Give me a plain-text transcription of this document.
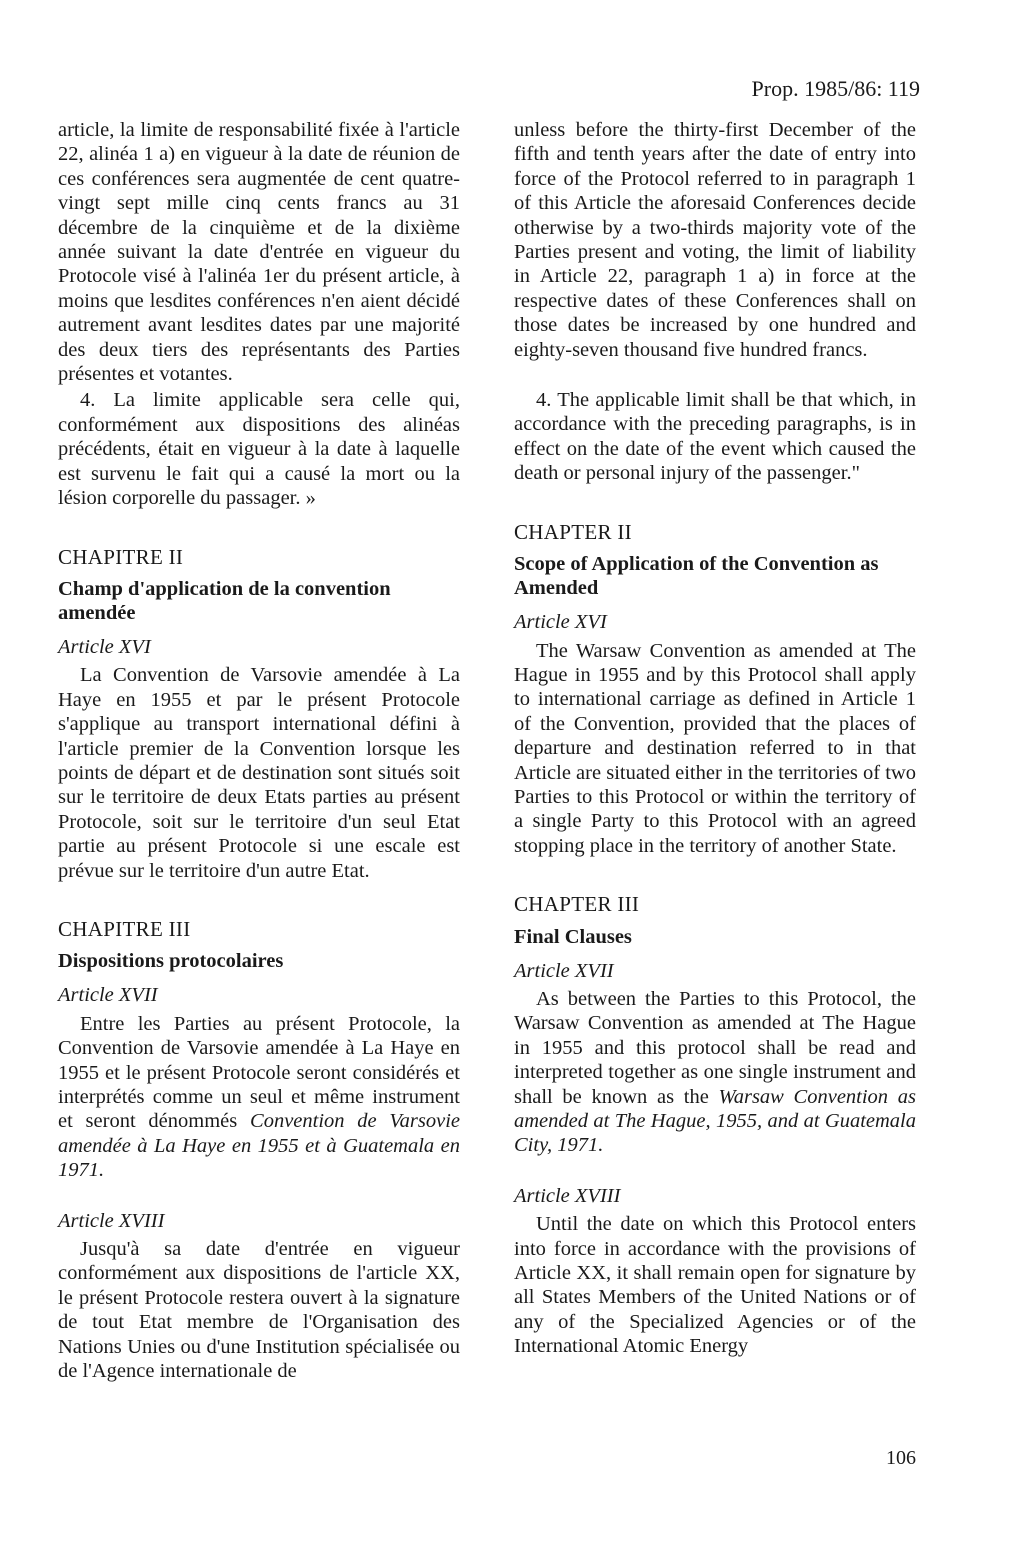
Prop. 1985/86: 119

article, la limite de responsabilité fixée à l'article 22, alinéa 1 a) en vigueur à la date de réunion de ces conférences sera augmentée de cent quatre-vingt sept mille cinq cents francs au 31 décembre de la cinquième et de la dixième année suivant la date d'entrée en vigueur du Protocole visé à l'alinéa 1er du présent article, à moins que lesdites conférences n'en aient décidé autrement avant lesdites dates par une majorité des deux tiers des représentants des Parties présentes et votantes.

4. La limite applicable sera celle qui, conformément aux dispositions des alinéas précédents, était en vigueur à la date à laquelle est survenu le fait qui a causé la mort ou la lésion corporelle du passager. »

CHAPITRE II

Champ d'application de la convention amendée

Article XVI

La Convention de Varsovie amendée à La Haye en 1955 et par le présent Protocole s'applique au transport international défini à l'article premier de la Convention lorsque les points de départ et de destination sont situés soit sur le territoire de deux Etats parties au présent Protocole, soit sur le territoire d'un seul Etat partie au présent Protocole si une escale est prévue sur le territoire d'un autre Etat.

CHAPITRE III

Dispositions protocolaires

Article XVII

Entre les Parties au présent Protocole, la Convention de Varsovie amendée à La Haye en 1955 et le présent Protocole seront considérés et interprétés comme un seul et même instrument et seront dénommés Convention de Varsovie amendée à La Haye en 1955 et à Guatemala en 1971.

Article XVIII

Jusqu'à sa date d'entrée en vigueur conformément aux dispositions de l'article XX, le présent Protocole restera ouvert à la signature de tout Etat membre de l'Organisation des Nations Unies ou d'une Institution spécialisée ou de l'Agence internationale de

unless before the thirty-first December of the fifth and tenth years after the date of entry into force of the Protocol referred to in paragraph 1 of this Article the aforesaid Conferences decide otherwise by a two-thirds majority vote of the Parties present and voting, the limit of liability in Article 22, paragraph 1 a) in force at the respective dates of these Conferences shall on those dates be increased by one hundred and eighty-seven thousand five hundred francs.

4. The applicable limit shall be that which, in accordance with the preceding paragraphs, is in effect on the date of the event which caused the death or personal injury of the passenger."

CHAPTER II

Scope of Application of the Convention as Amended

Article XVI

The Warsaw Convention as amended at The Hague in 1955 and by this Protocol shall apply to international carriage as defined in Article 1 of the Convention, provided that the places of departure and destination referred to in that Article are situated either in the territories of two Parties to this Protocol or within the territory of a single Party to this Protocol with an agreed stopping place in the territory of another State.

CHAPTER III

Final Clauses

Article XVII

As between the Parties to this Protocol, the Warsaw Convention as amended at The Hague in 1955 and this protocol shall be read and interpreted together as one single instrument and shall be known as the Warsaw Convention as amended at The Hague, 1955, and at Guatemala City, 1971.

Article XVIII

Until the date on which this Protocol enters into force in accordance with the provisions of Article XX, it shall remain open for signature by all States Members of the United Nations or of any of the Specialized Agencies or of the International Atomic Energy

106
